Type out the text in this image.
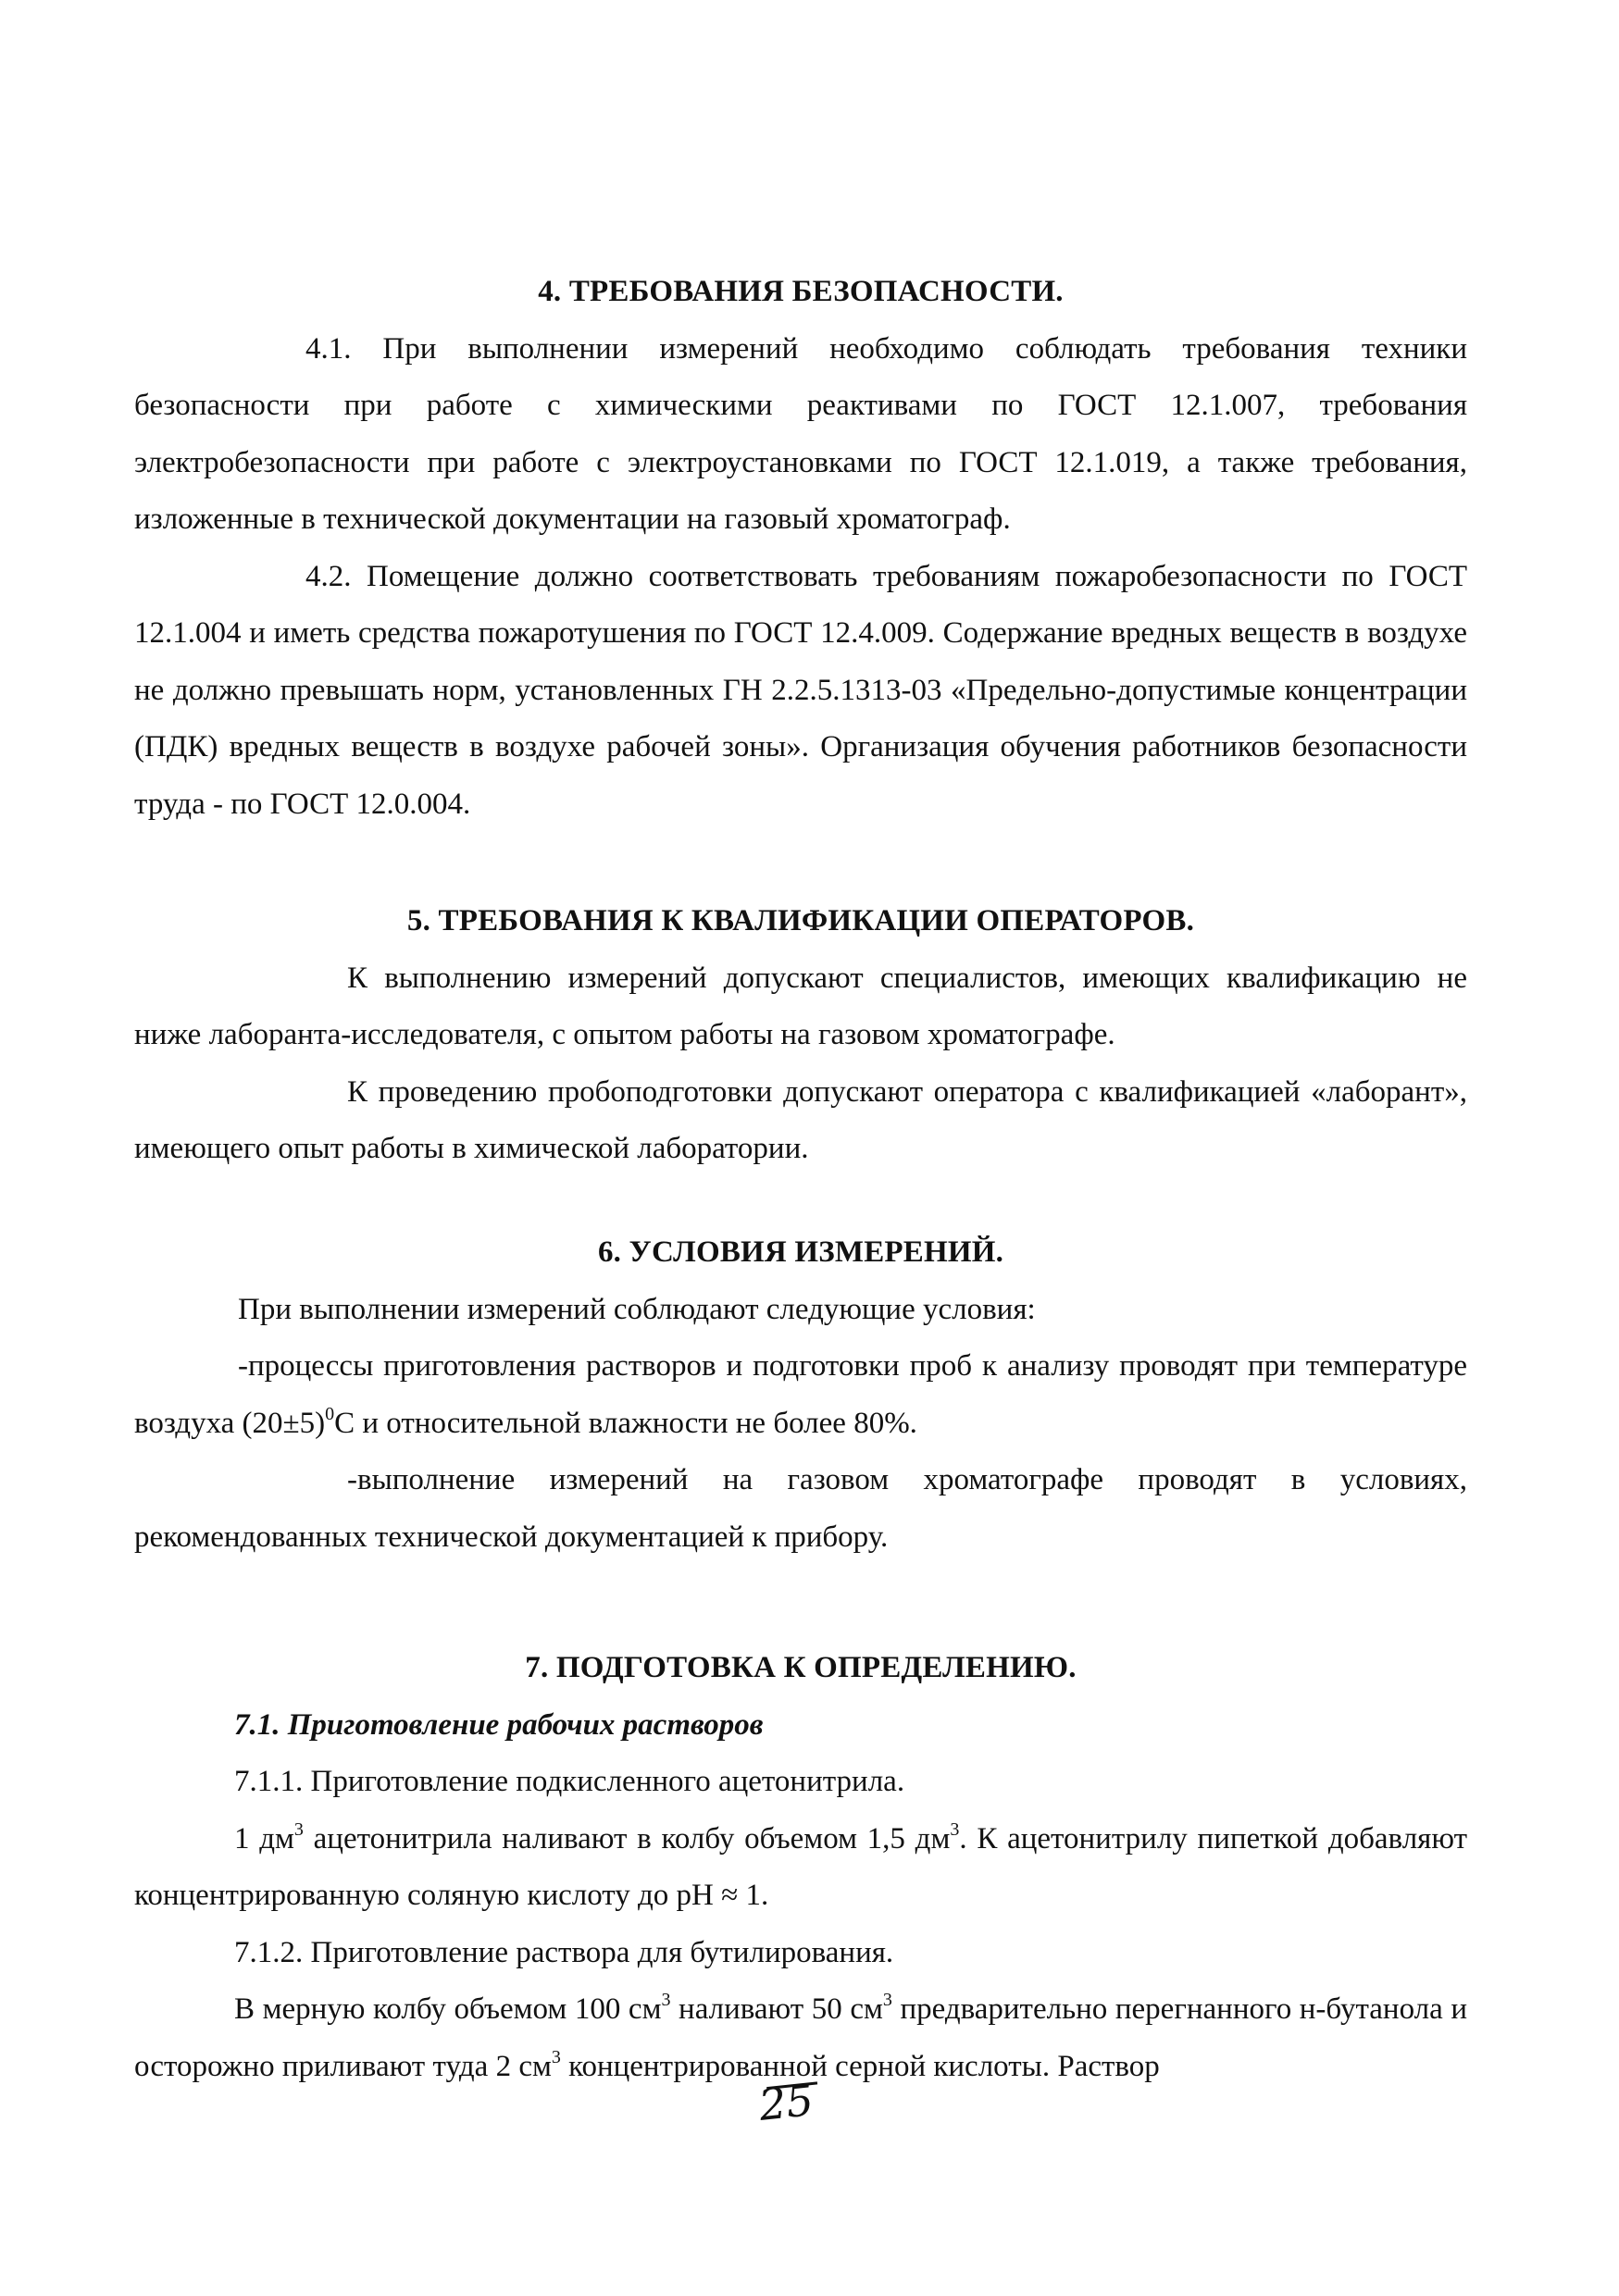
4. ТРЕБОВАНИЯ БЕЗОПАСНОСТИ.

4.1. При выполнении измерений необходимо соблюдать требования техники безопасности при работе с химическими реактивами по ГОСТ 12.1.007, требования электробезопасности при работе с электроустановками по ГОСТ 12.1.019, а также требования, изложенные в технической документации на газовый хроматограф.

4.2. Помещение должно соответствовать требованиям пожаробезопасности по ГОСТ 12.1.004 и иметь средства пожаротушения по ГОСТ 12.4.009. Содержание вредных веществ в воздухе не должно превышать норм, установленных ГН 2.2.5.1313-03 «Предельно-допустимые концентрации (ПДК) вредных веществ в воздухе рабочей зоны». Организация обучения работников безопасности труда - по ГОСТ 12.0.004.

5. ТРЕБОВАНИЯ К КВАЛИФИКАЦИИ ОПЕРАТОРОВ.

К выполнению измерений допускают специалистов, имеющих квалификацию не ниже лаборанта-исследователя, с опытом работы на газовом хроматографе.

К проведению пробоподготовки допускают оператора с квалификацией «лаборант», имеющего опыт работы в химической лаборатории.

6. УСЛОВИЯ ИЗМЕРЕНИЙ.

При выполнении измерений соблюдают следующие условия:

-процессы приготовления растворов и подготовки проб к анализу проводят при температуре воздуха $(20\pm 5)^0С$ и относительной влажности не более 80%.

-выполнение измерений на газовом хроматографе проводят в условиях, рекомендованных технической документацией к прибору.

7. ПОДГОТОВКА К ОПРЕДЕЛЕНИЮ.

7.1. Приготовление рабочих растворов

7.1.1. Приготовление подкисленного ацетонитрила.

1 $дм^3$ ацетонитрила наливают в колбу объемом 1,5 $дм^3$. К ацетонитрилу пипеткой добавляют концентрированную соляную кислоту до pH ≈ 1.

7.1.2. Приготовление раствора для бутилирования.

В мерную колбу объемом 100 $см^3$ наливают 50 $см^3$ предварительно перегнанного н-бутанола и осторожно приливают туда 2 $см^3$ концентрированной серной кислоты. Раствор

25
